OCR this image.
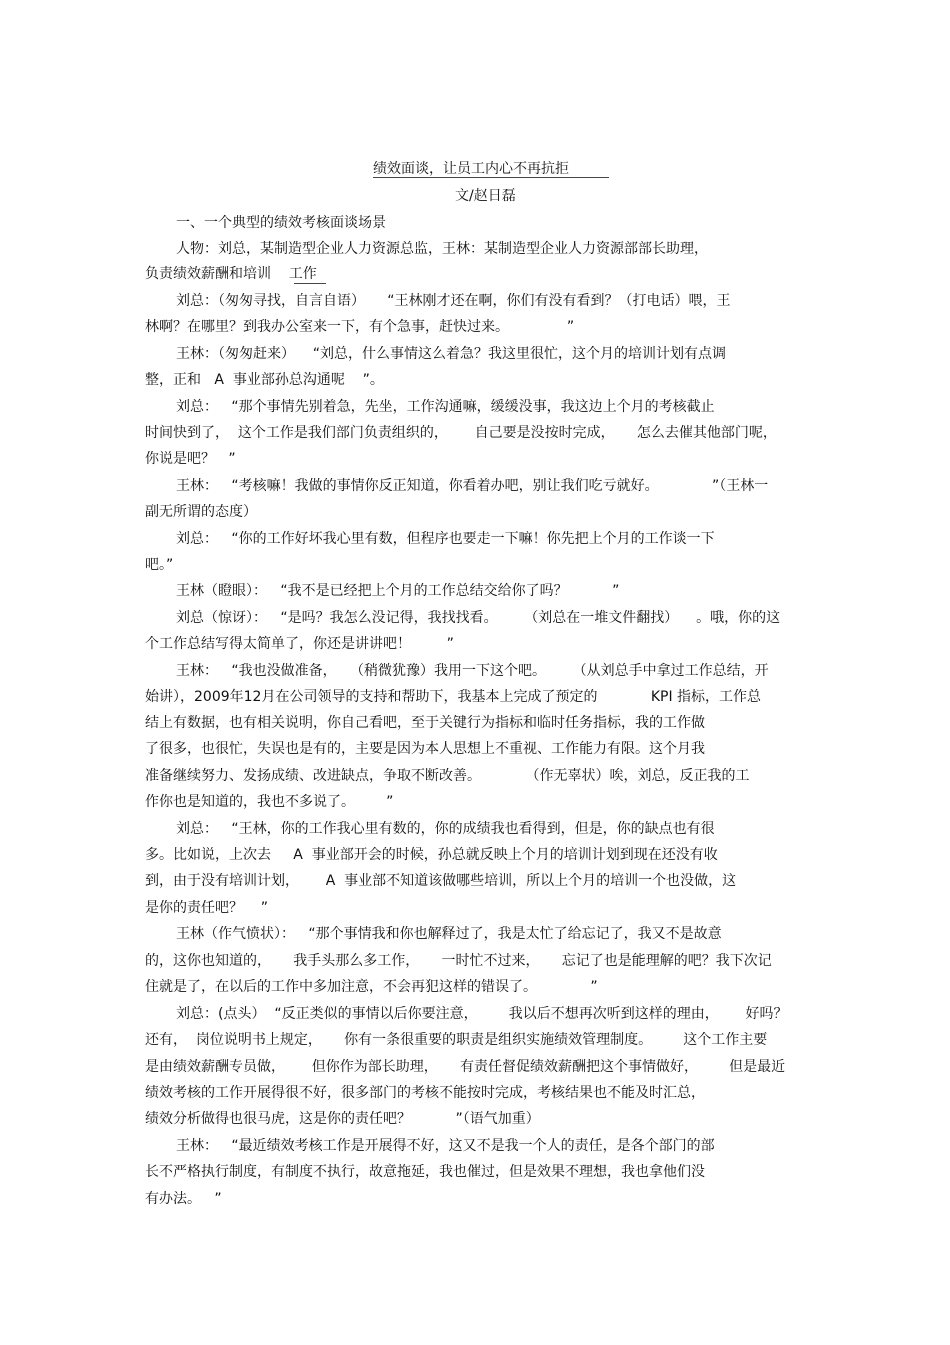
绩效面谈，让员工内心不再抗拒
文/赵日磊
一、一个典型的绩效考核面谈场景
人物：刘总，某制造型企业人力资源总监，王林：某制造型企业人力资源部部长助理，
负责绩效薪酬和培训    工作
刘总：（匆匆寻找，自言自语）     “王林刚才还在啊，你们有没有看到？（打电话）喂，王
林啊？在哪里？到我办公室来一下，有个急事，赶快过来。             ”
王林：（匆匆赶来）    “刘总，什么事情这么着急？我这里很忙，这个月的培训计划有点调
整，正和   A  事业部孙总沟通呢    ”。
刘总：   “那个事情先别着急，先坐，工作沟通嘛，缓缓没事，我这边上个月的考核截止
时间快到了，  这个工作是我们部门负责组织的，      自己要是没按时完成，     怎么去催其他部门呢，
你说是吧？   ”
王林：   “考核嘛！我做的事情你反正知道，你看着办吧，别让我们吃亏就好。            ”（王林一
副无所谓的态度）
刘总：   “你的工作好坏我心里有数，但程序也要走一下嘛！你先把上个月的工作谈一下
吧。”
王林（瞪眼）：   “我不是已经把上个月的工作总结交给你了吗？          ”
刘总（惊讶）：   “是吗？我怎么没记得，我找找看。      （刘总在一堆文件翻找）    。哦，你的这
个工作总结写得太简单了，你还是讲讲吧！        ”
王林：   “我也没做准备，   （稍微犹豫）我用一下这个吧。      （从刘总手中拿过工作总结，开
始讲），2009年12月在公司领导的支持和帮助下，我基本上完成了预定的            KPI 指标，工作总
结上有数据，也有相关说明，你自己看吧，至于关键行为指标和临时任务指标，我的工作做
了很多，也很忙，失误也是有的，主要是因为本人思想上不重视、工作能力有限。这个月我
准备继续努力、发扬成绩、改进缺点，争取不断改善。          （作无辜状）唉，刘总，反正我的工
作你也是知道的，我也不多说了。       ”
刘总：   “王林，你的工作我心里有数的，你的成绩我也看得到，但是，你的缺点也有很
多。比如说，上次去     A  事业部开会的时候，孙总就反映上个月的培训计划到现在还没有收
到，由于没有培训计划，      A  事业部不知道该做哪些培训，所以上个月的培训一个也没做，这
是你的责任吧？    ”
王林（作气愤状）：   “那个事情我和你也解释过了，我是太忙了给忘记了，我又不是故意
的，这你也知道的，     我手头那么多工作，     一时忙不过来，     忘记了也是能理解的吧？我下次记
住就是了，在以后的工作中多加注意，不会再犯这样的错误了。            ”
刘总：(点头）  “反正类似的事情以后你要注意，       我以后不想再次听到这样的理由，      好吗？
还有，  岗位说明书上规定，     你有一条很重要的职责是组织实施绩效管理制度。       这个工作主要
是由绩效薪酬专员做，      但你作为部长助理，     有责任督促绩效薪酬把这个事情做好，       但是最近
绩效考核的工作开展得很不好，很多部门的考核不能按时完成，考核结果也不能及时汇总，
绩效分析做得也很马虎，这是你的责任吧？          ”（语气加重）
王林：   “最近绩效考核工作是开展得不好，这又不是我一个人的责任，是各个部门的部
长不严格执行制度，有制度不执行，故意拖延，我也催过，但是效果不理想，我也拿他们没
有办法。   ”
